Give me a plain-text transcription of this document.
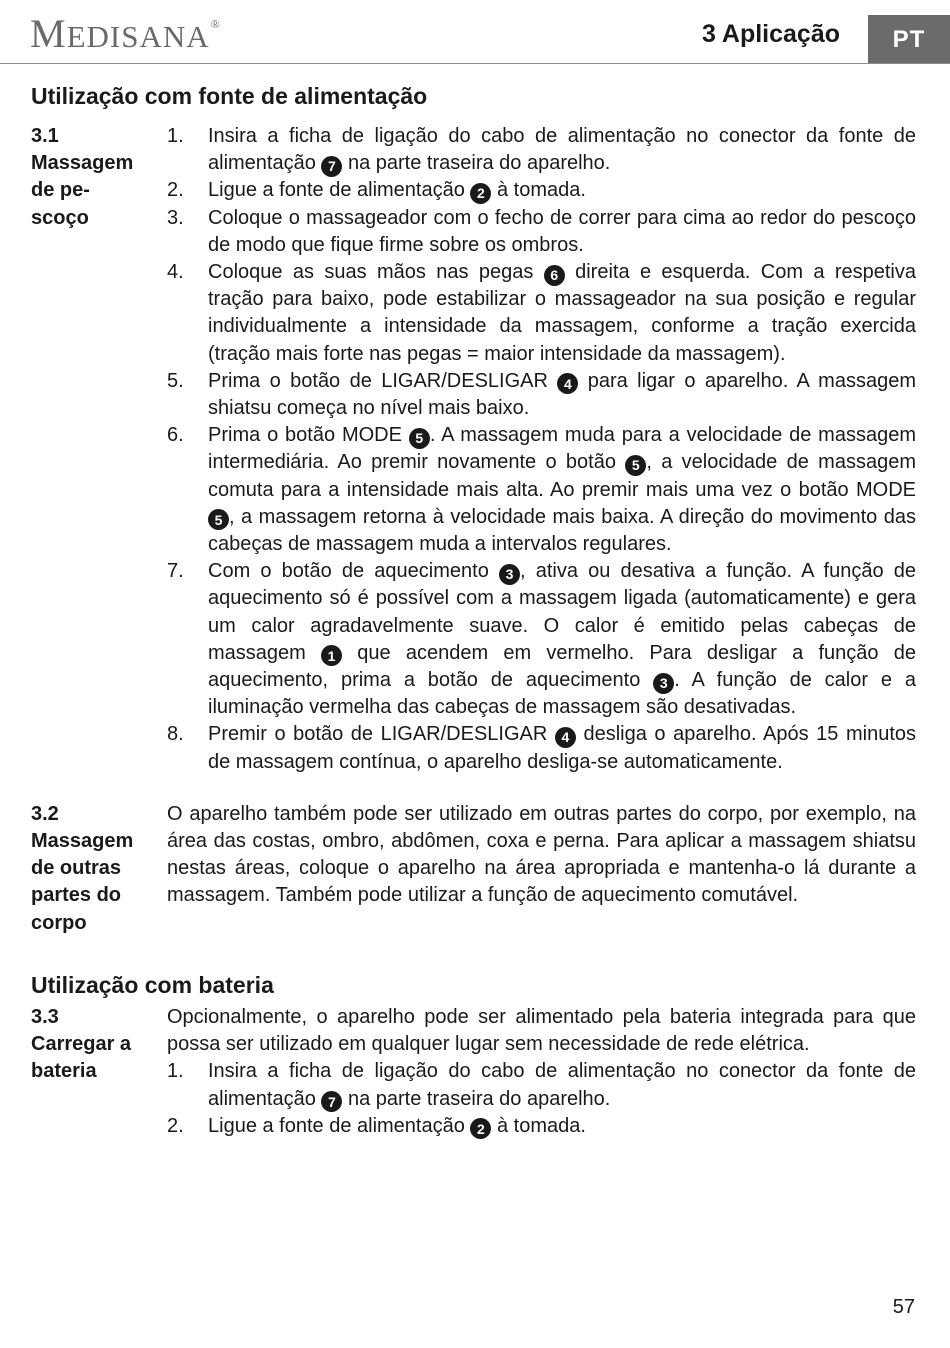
MEDISANA®	3 Aplicação	PT
Utilização com fonte de alimentação
3.1
Massagem
de pe-
scoço
1.	Insira a ficha de ligação do cabo de alimentação no conector da fonte de alimentação 7 na parte traseira do aparelho.
2.	Ligue a fonte de alimentação 2 à tomada.
3.	Coloque o massageador com o fecho de correr para cima ao redor do pescoço de modo que fique firme sobre os ombros.
4.	Coloque as suas mãos nas pegas 6 direita e esquerda. Com a respetiva tração para baixo, pode estabilizar o massageador na sua posição e regular individualmente a intensidade da massagem, conforme a tração exercida (tração mais forte nas pegas = maior intensidade da massagem).
5.	Prima o botão de LIGAR/DESLIGAR 4 para ligar o aparelho. A massagem shiatsu começa no nível mais baixo.
6.	Prima o botão MODE 5 . A massagem muda para a velocidade de massagem intermediária. Ao premir novamente o botão 5 , a velocidade de massagem comuta para a intensidade mais alta. Ao premir mais uma vez o botão MODE 5 , a massagem retorna à velocidade mais baixa. A direção do movimento das cabeças de massagem muda a intervalos regulares.
7.	Com o botão de aquecimento 3 , ativa ou desativa a função. A função de aquecimento só é possível com a massagem ligada (automaticamente) e gera um calor agradavelmente suave. O calor é emitido pelas cabeças de massagem 1 que acendem em vermelho. Para desligar a função de aquecimento, prima a botão de aquecimento 3 . A função de calor e a iluminação vermelha das cabeças de massagem são desativadas.
8.	Premir o botão de LIGAR/DESLIGAR 4 desliga o aparelho. Após 15 minutos de massagem contínua, o aparelho desliga-se automaticamente.
3.2
Massagem
de outras
partes do
corpo
O aparelho também pode ser utilizado em outras partes do corpo, por exemplo, na área das costas, ombro, abdômen, coxa e perna. Para aplicar a massagem shiatsu nestas áreas, coloque o aparelho na área apropriada e mantenha-o lá durante a massagem. Também pode utilizar a função de aquecimento comutável.
Utilização com bateria
3.3
Carregar a
bateria
Opcionalmente, o aparelho pode ser alimentado pela bateria integrada para que possa ser utilizado em qualquer lugar sem necessidade de rede elétrica.
1.	Insira a ficha de ligação do cabo de alimentação no conector da fonte de alimentação 7 na parte traseira do aparelho.
2.	Ligue a fonte de alimentação 2 à tomada.
57
